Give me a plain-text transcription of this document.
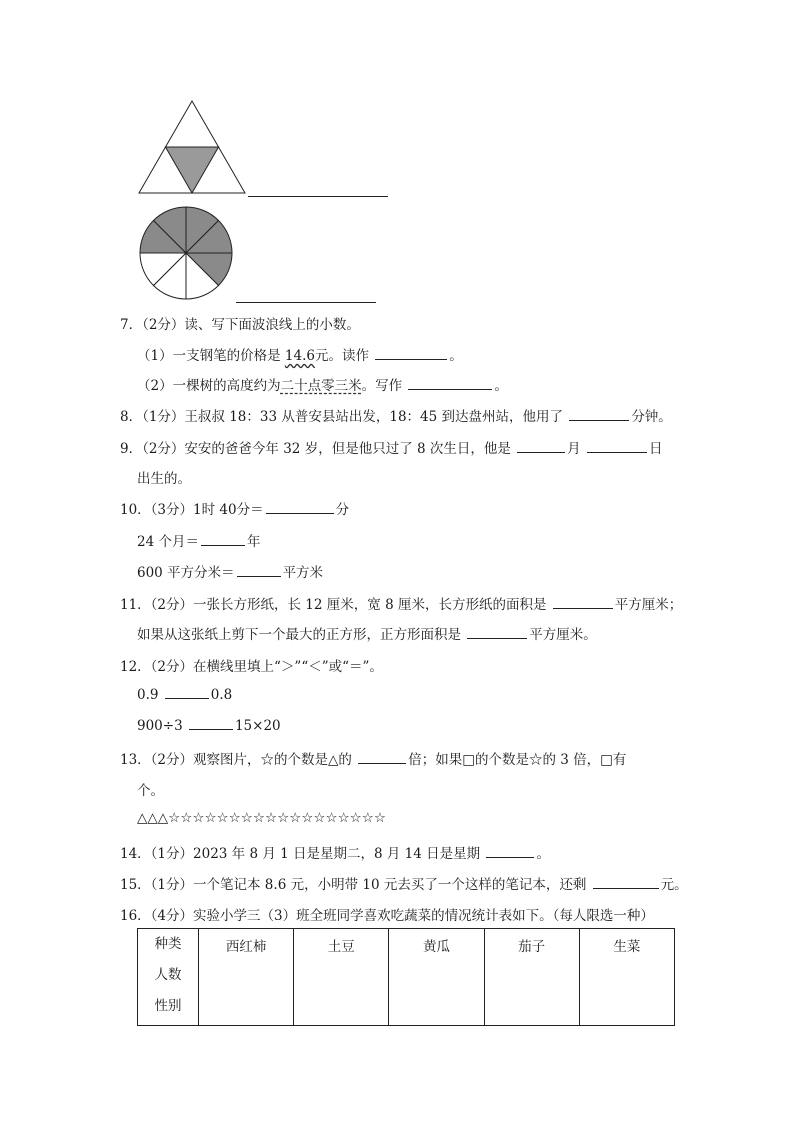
7．（2分）读、写下面波浪线上的小数。
（1）一支钢笔的价格是 14.6元。读作	。
（2）一棵树的高度约为二十点零三米。写作	。
8．（1分）王叔叔 18：33 从普安县站出发，18：45 到达盘州站，他用了	分钟。
9．（2分）安安的爸爸今年 32 岁，但是他只过了 8 次生日，他是	月	日
出生的。
10．（3分）1时 40分＝	分
24 个月＝	年
600 平方分米＝	平方米
11．（2分）一张长方形纸，长 12 厘米，宽 8 厘米，长方形纸的面积是	平方厘米；
如果从这张纸上剪下一个最大的正方形，正方形面积是	平方厘米。
12．（2分）在横线里填上“＞”“＜”或“＝”。
0.9	0.8
900÷3	15×20
13．（2分）观察图片，☆的个数是△的	倍；如果□的个数是☆的 3 倍，□有
个。
△△△☆☆☆☆☆☆☆☆☆☆☆☆☆☆☆☆☆☆
14．（1分）2023 年 8 月 1 日是星期二，8 月 14 日是星期	。
15．（1分）一个笔记本 8.6 元，小明带 10 元去买了一个这样的笔记本，还剩	元。
16．（4分）实验小学三（3）班全班同学喜欢吃蔬菜的情况统计表如下。（每人限选一种）
种类
人数
性别
	西红柿	土豆	黄瓜	茄子	生菜
